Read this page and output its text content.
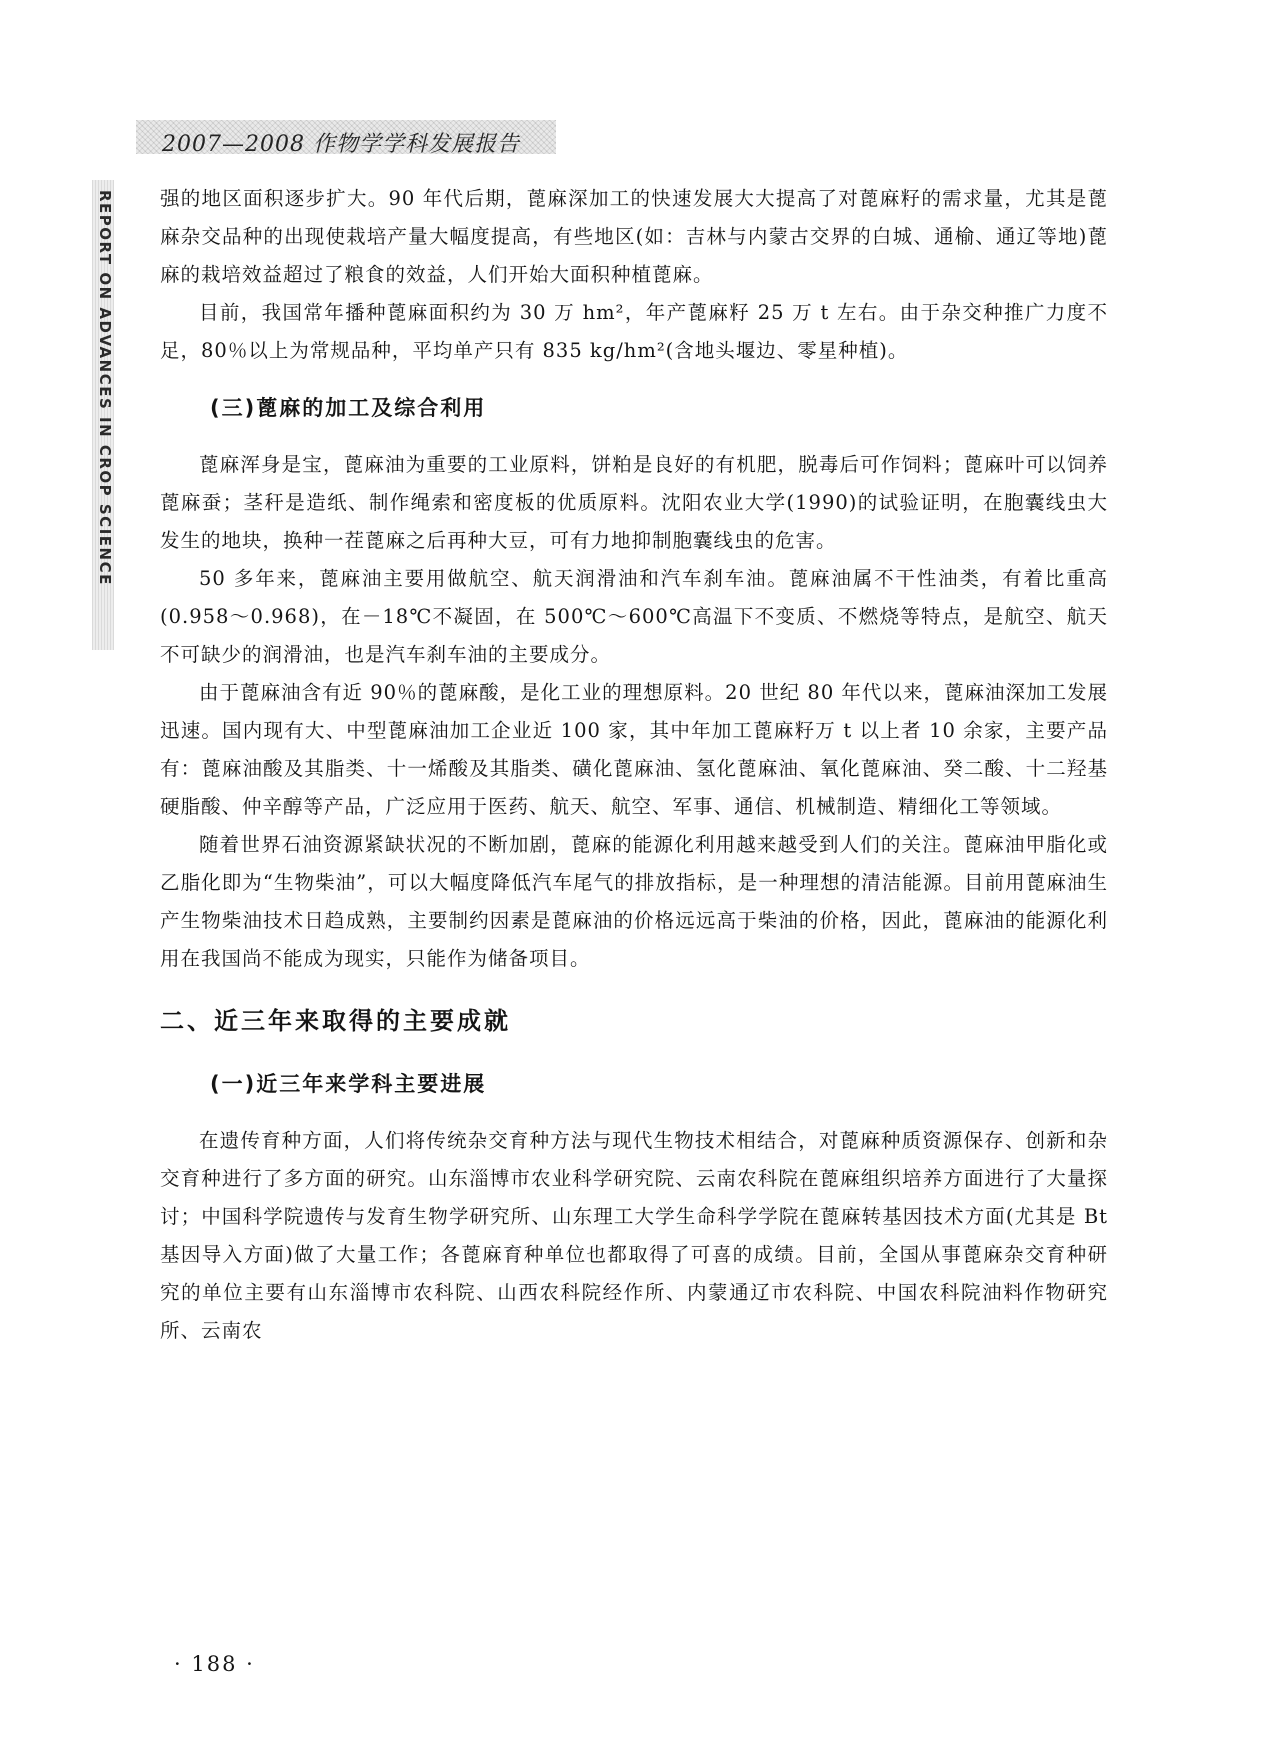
2007—2008 作物学学科发展报告
REPORT ON ADVANCES IN CROP SCIENCE 强的地区面积逐步扩大。90 年代后期，蓖麻深加工的快速发展大大提高了对蓖麻籽的需求量，尤其是蓖麻杂交品种的出现使栽培产量大幅度提高，有些地区(如：吉林与内蒙古交界的白城、通榆、通辽等地)蓖麻的栽培效益超过了粮食的效益，人们开始大面积种植蓖麻。

目前，我国常年播种蓖麻面积约为 30 万 hm²，年产蓖麻籽 25 万 t 左右。由于杂交种推广力度不足，80％以上为常规品种，平均单产只有 835 kg/hm²(含地头堰边、零星种植)。

(三)蓖麻的加工及综合利用

蓖麻浑身是宝，蓖麻油为重要的工业原料，饼粕是良好的有机肥，脱毒后可作饲料；蓖麻叶可以饲养蓖麻蚕；茎秆是造纸、制作绳索和密度板的优质原料。沈阳农业大学(1990)的试验证明，在胞囊线虫大发生的地块，换种一茬蓖麻之后再种大豆，可有力地抑制胞囊线虫的危害。

50 多年来，蓖麻油主要用做航空、航天润滑油和汽车刹车油。蓖麻油属不干性油类，有着比重高(0.958～0.968)，在－18℃不凝固，在 500℃～600℃高温下不变质、不燃烧等特点，是航空、航天不可缺少的润滑油，也是汽车刹车油的主要成分。

由于蓖麻油含有近 90％的蓖麻酸，是化工业的理想原料。20 世纪 80 年代以来，蓖麻油深加工发展迅速。国内现有大、中型蓖麻油加工企业近 100 家，其中年加工蓖麻籽万 t 以上者 10 余家，主要产品有：蓖麻油酸及其脂类、十一烯酸及其脂类、磺化蓖麻油、氢化蓖麻油、氧化蓖麻油、癸二酸、十二羟基硬脂酸、仲辛醇等产品，广泛应用于医药、航天、航空、军事、通信、机械制造、精细化工等领域。

随着世界石油资源紧缺状况的不断加剧，蓖麻的能源化利用越来越受到人们的关注。蓖麻油甲脂化或乙脂化即为“生物柴油”，可以大幅度降低汽车尾气的排放指标，是一种理想的清洁能源。目前用蓖麻油生产生物柴油技术日趋成熟，主要制约因素是蓖麻油的价格远远高于柴油的价格，因此，蓖麻油的能源化利用在我国尚不能成为现实，只能作为储备项目。

二、近三年来取得的主要成就
(一)近三年来学科主要进展

在遗传育种方面，人们将传统杂交育种方法与现代生物技术相结合，对蓖麻种质资源保存、创新和杂交育种进行了多方面的研究。山东淄博市农业科学研究院、云南农科院在蓖麻组织培养方面进行了大量探讨；中国科学院遗传与发育生物学研究所、山东理工大学生命科学学院在蓖麻转基因技术方面(尤其是 Bt 基因导入方面)做了大量工作；各蓖麻育种单位也都取得了可喜的成绩。目前，全国从事蓖麻杂交育种研究的单位主要有山东淄博市农科院、山西农科院经作所、内蒙通辽市农科院、中国农科院油料作物研究所、云南农

· 188 ·
